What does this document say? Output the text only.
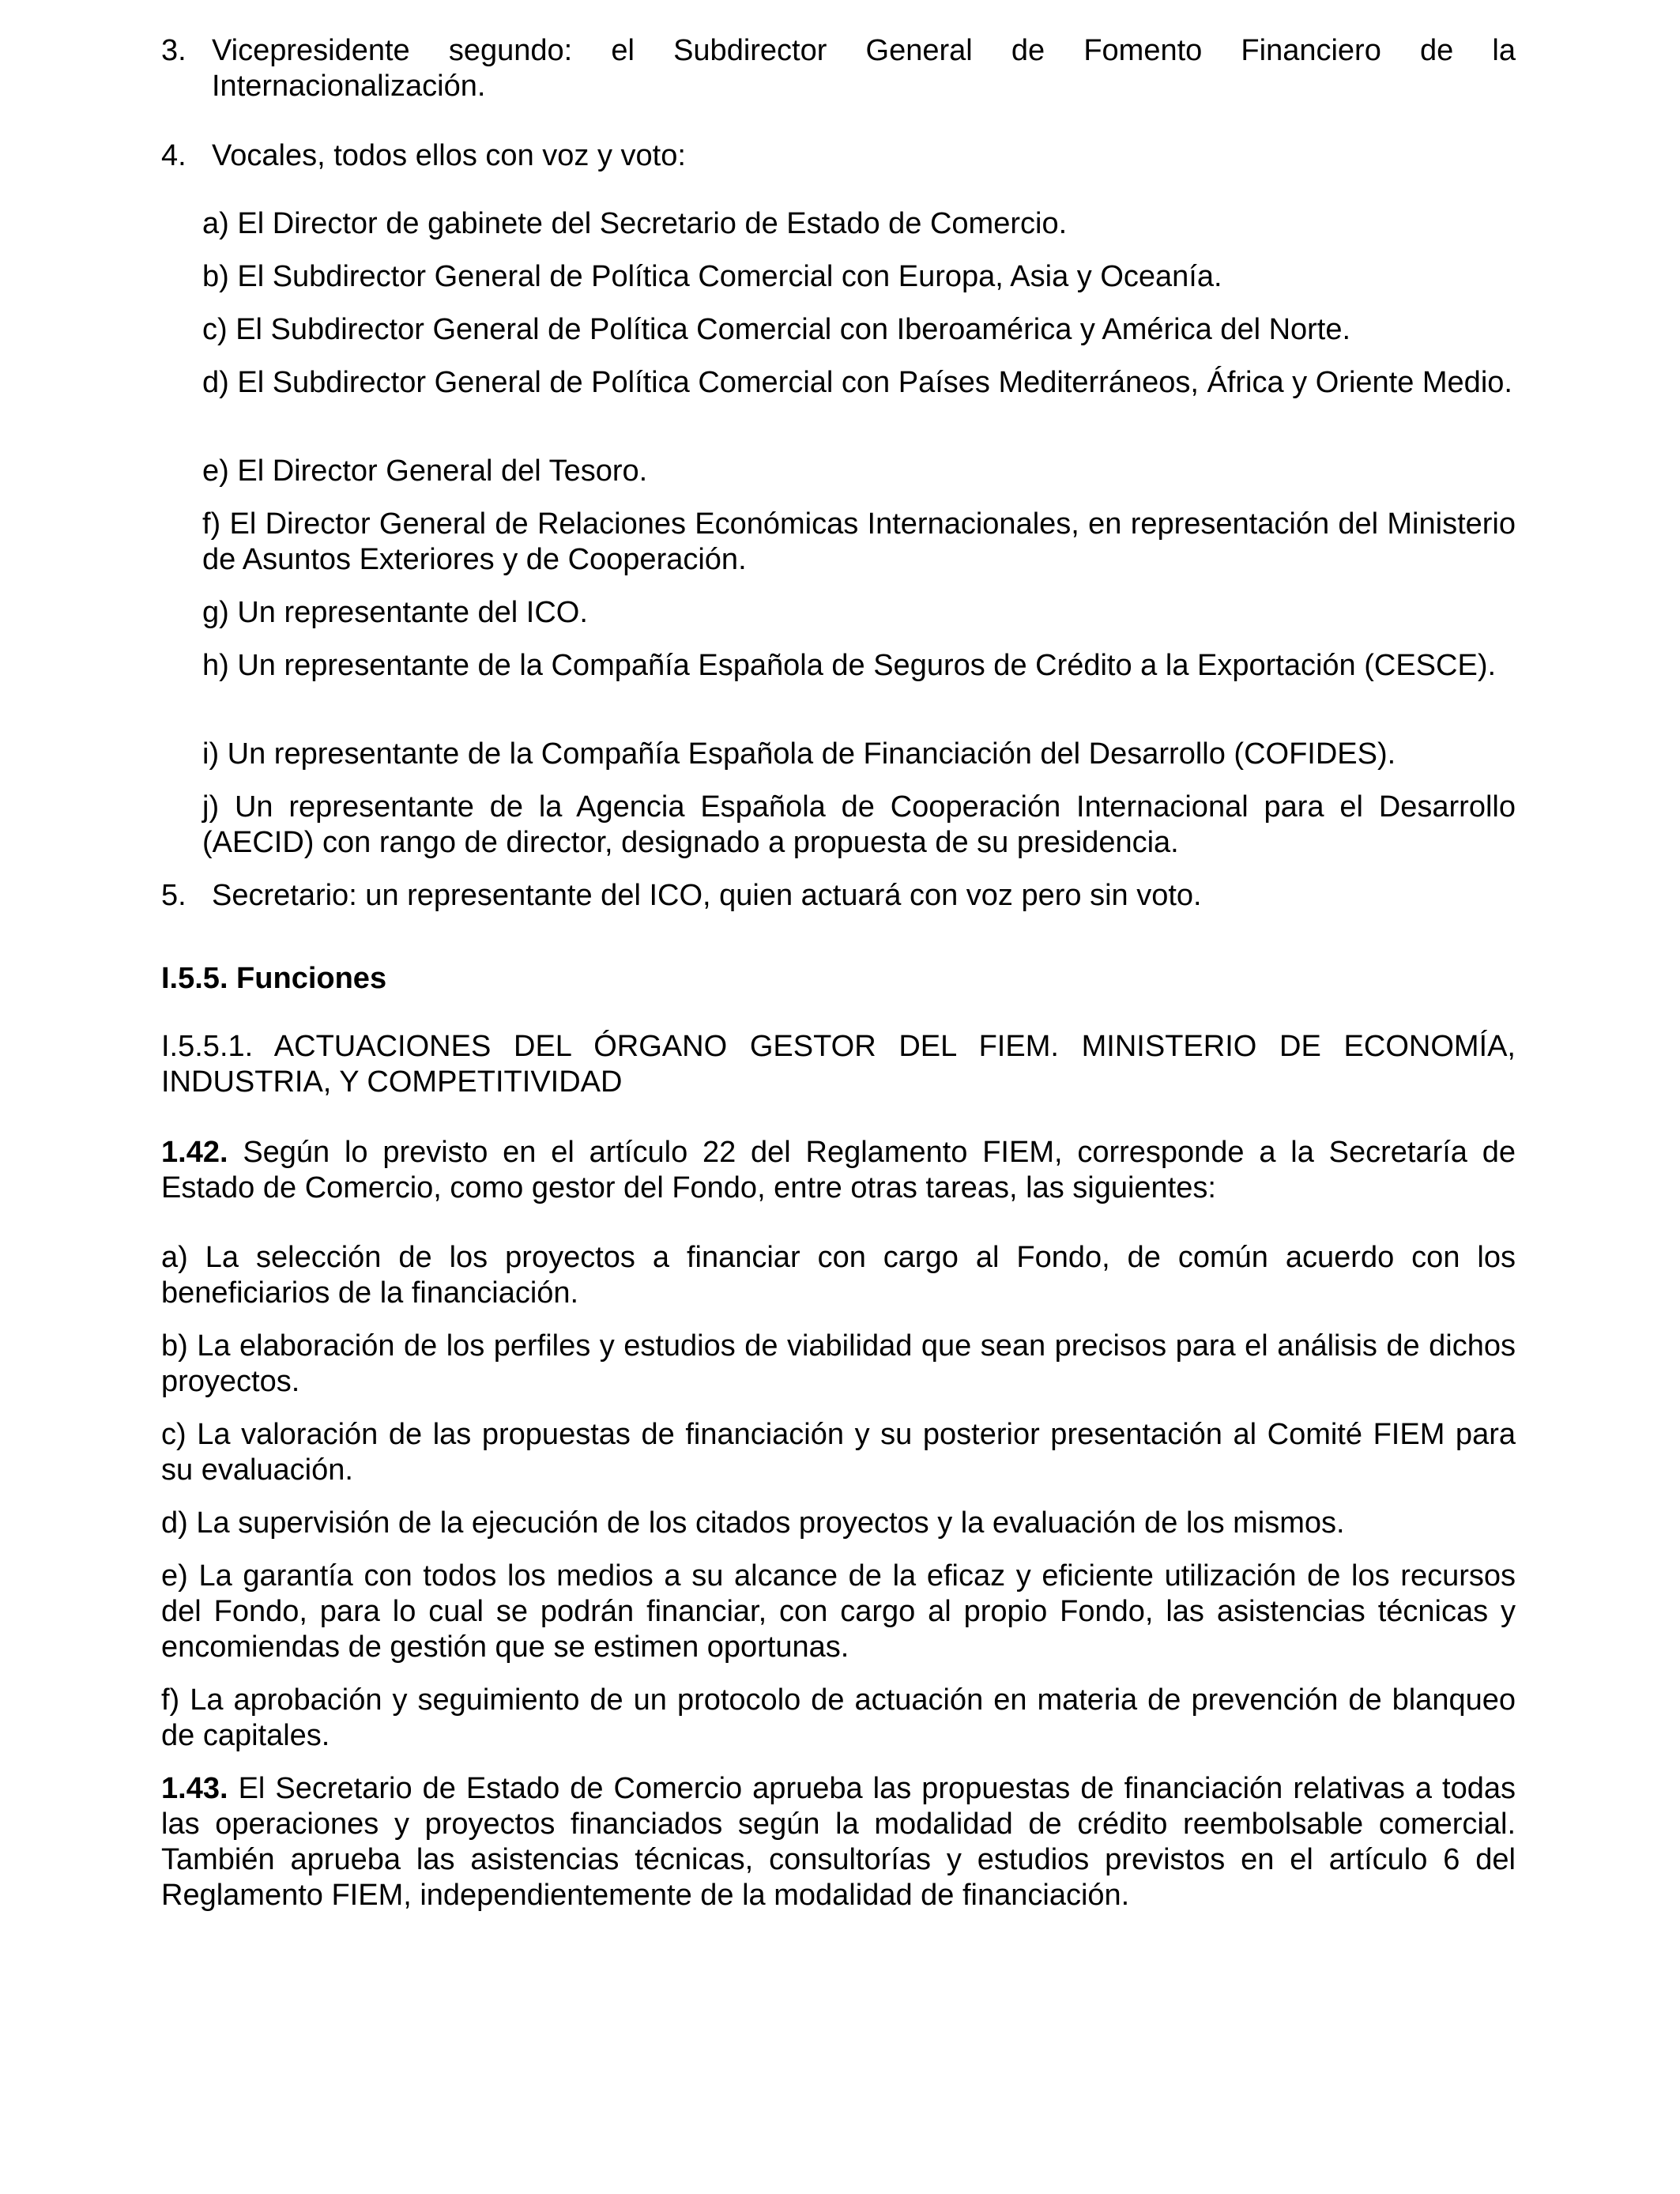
3. Vicepresidente segundo: el Subdirector General de Fomento Financiero de la
Internacionalización.
4. Vocales, todos ellos con voz y voto:

a) El Director de gabinete del Secretario de Estado de Comercio.

b) El Subdirector General de Política Comercial con Europa, Asia y Oceanía.

c) El Subdirector General de Política Comercial con Iberoamérica y América del Norte.

d) El Subdirector General de Política Comercial con Países Mediterráneos, África y Oriente Medio.

e) El Director General del Tesoro.

f) El Director General de Relaciones Económicas Internacionales, en representación del Ministerio de Asuntos Exteriores y de Cooperación.

g) Un representante del ICO.

h) Un representante de la Compañía Española de Seguros de Crédito a la Exportación (CESCE).

i) Un representante de la Compañía Española de Financiación del Desarrollo (COFIDES).

j) Un representante de la Agencia Española de Cooperación Internacional para el Desarrollo (AECID) con rango de director, designado a propuesta de su presidencia.

5. Secretario: un representante del ICO, quien actuará con voz pero sin voto.

I.5.5. Funciones

I.5.5.1. ACTUACIONES DEL ÓRGANO GESTOR DEL FIEM. MINISTERIO DE ECONOMÍA, INDUSTRIA, Y COMPETITIVIDAD

1.42. Según lo previsto en el artículo 22 del Reglamento FIEM, corresponde a la Secretaría de Estado de Comercio, como gestor del Fondo, entre otras tareas, las siguientes:

a) La selección de los proyectos a financiar con cargo al Fondo, de común acuerdo con los beneficiarios de la financiación.

b) La elaboración de los perfiles y estudios de viabilidad que sean precisos para el análisis de dichos proyectos.

c) La valoración de las propuestas de financiación y su posterior presentación al Comité FIEM para su evaluación.

d) La supervisión de la ejecución de los citados proyectos y la evaluación de los mismos.

e) La garantía con todos los medios a su alcance de la eficaz y eficiente utilización de los recursos del Fondo, para lo cual se podrán financiar, con cargo al propio Fondo, las asistencias técnicas y encomiendas de gestión que se estimen oportunas.

f) La aprobación y seguimiento de un protocolo de actuación en materia de prevención de blanqueo de capitales.

1.43. El Secretario de Estado de Comercio aprueba las propuestas de financiación relativas a todas las operaciones y proyectos financiados según la modalidad de crédito reembolsable comercial. También aprueba las asistencias técnicas, consultorías y estudios previstos en el artículo 6 del Reglamento FIEM, independientemente de la modalidad de financiación.
